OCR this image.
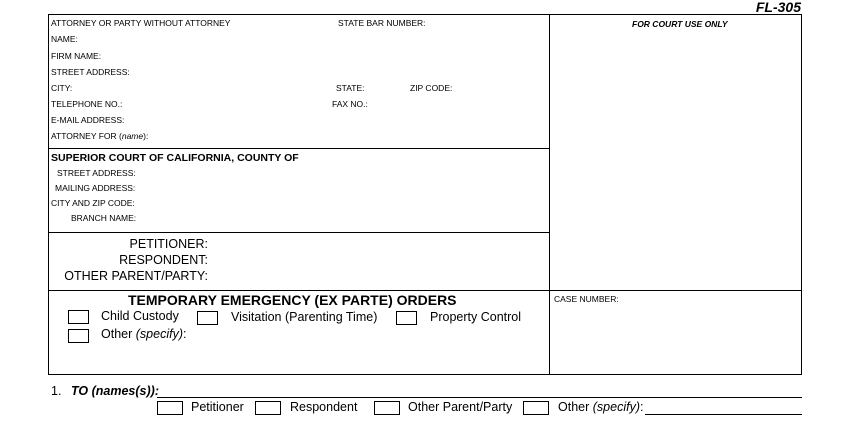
FL-305
ATTORNEY OR PARTY WITHOUT ATTORNEY	STATE BAR NUMBER:
NAME:
FIRM NAME:
STREET ADDRESS:
CITY:	STATE:	ZIP CODE:
TELEPHONE NO.:	FAX NO.:
E-MAIL ADDRESS:
ATTORNEY FOR (name):
FOR COURT USE ONLY
SUPERIOR COURT OF CALIFORNIA, COUNTY OF
STREET ADDRESS:
MAILING ADDRESS:
CITY AND ZIP CODE:
BRANCH NAME:
PETITIONER:
RESPONDENT:
OTHER PARENT/PARTY:
TEMPORARY EMERGENCY (EX PARTE) ORDERS
Child Custody	Visitation (Parenting Time)	Property Control
Other (specify):
CASE NUMBER:
1. TO (names(s)):
Petitioner	Respondent	Other Parent/Party	Other (specify):
